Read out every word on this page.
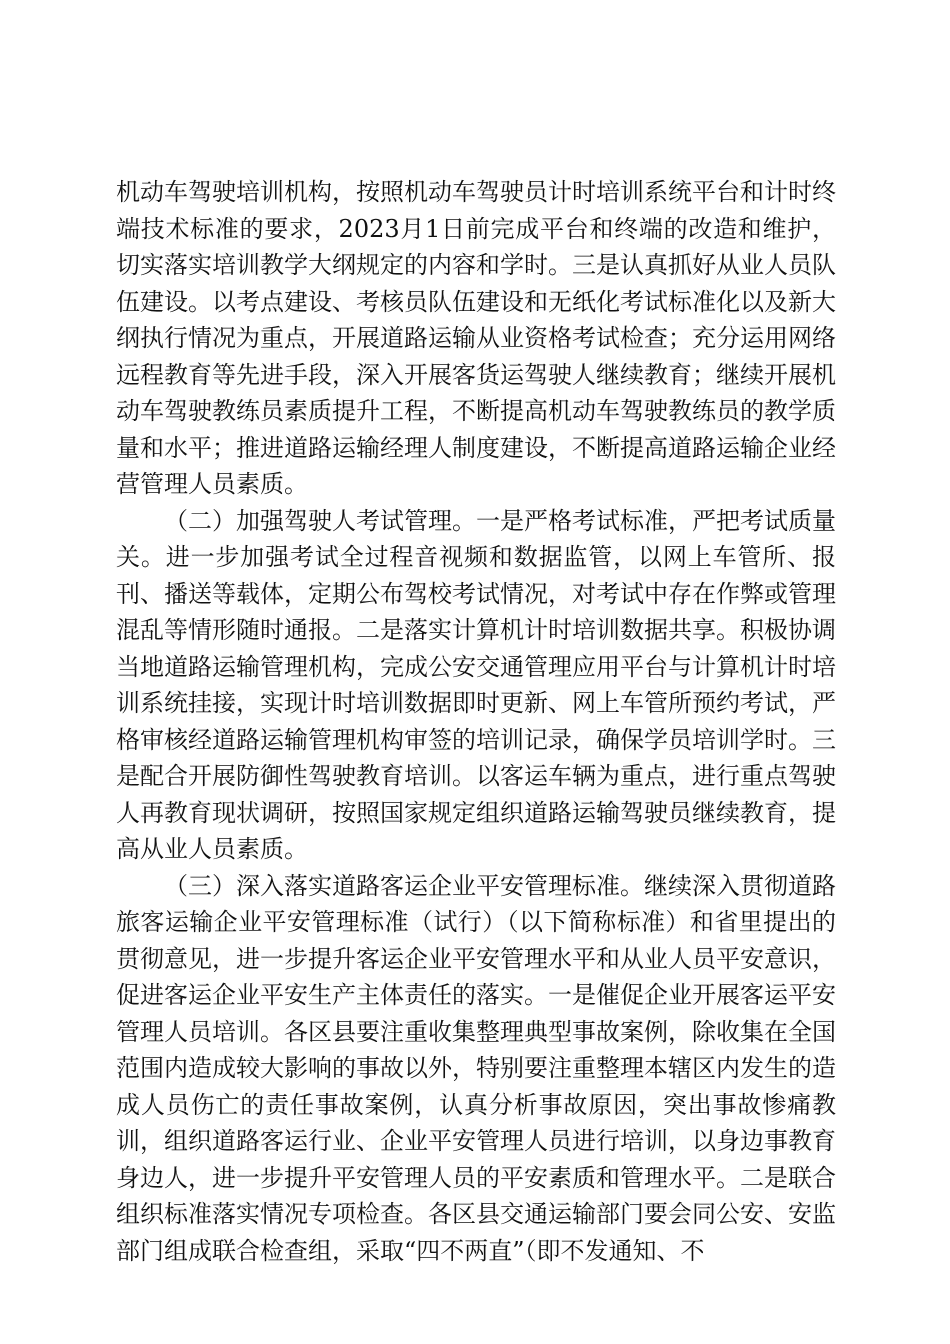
机动车驾驶培训机构，按照机动车驾驶员计时培训系统平台和计时终端技术标准的要求，2023月1日前完成平台和终端的改造和维护，切实落实培训教学大纲规定的内容和学时。三是认真抓好从业人员队伍建设。以考点建设、考核员队伍建设和无纸化考试标准化以及新大纲执行情况为重点，开展道路运输从业资格考试检查；充分运用网络远程教育等先进手段，深入开展客货运驾驶人继续教育；继续开展机动车驾驶教练员素质提升工程，不断提高机动车驾驶教练员的教学质量和水平；推进道路运输经理人制度建设，不断提高道路运输企业经营管理人员素质。

（二）加强驾驶人考试管理。一是严格考试标准，严把考试质量关。进一步加强考试全过程音视频和数据监管，以网上车管所、报刊、播送等载体，定期公布驾校考试情况，对考试中存在作弊或管理混乱等情形随时通报。二是落实计算机计时培训数据共享。积极协调当地道路运输管理机构，完成公安交通管理应用平台与计算机计时培训系统挂接，实现计时培训数据即时更新、网上车管所预约考试，严格审核经道路运输管理机构审签的培训记录，确保学员培训学时。三是配合开展防御性驾驶教育培训。以客运车辆为重点，进行重点驾驶人再教育现状调研，按照国家规定组织道路运输驾驶员继续教育，提高从业人员素质。

（三）深入落实道路客运企业平安管理标准。继续深入贯彻道路旅客运输企业平安管理标准（试行）（以下简称标准）和省里提出的贯彻意见，进一步提升客运企业平安管理水平和从业人员平安意识，促进客运企业平安生产主体责任的落实。一是催促企业开展客运平安管理人员培训。各区县要注重收集整理典型事故案例，除收集在全国范围内造成较大影响的事故以外，特别要注重整理本辖区内发生的造成人员伤亡的责任事故案例，认真分析事故原因，突出事故惨痛教训，组织道路客运行业、企业平安管理人员进行培训，以身边事教育身边人，进一步提升平安管理人员的平安素质和管理水平。二是联合组织标准落实情况专项检查。各区县交通运输部门要会同公安、安监部门组成联合检查组，采取“四不两直”（即不发通知、不
